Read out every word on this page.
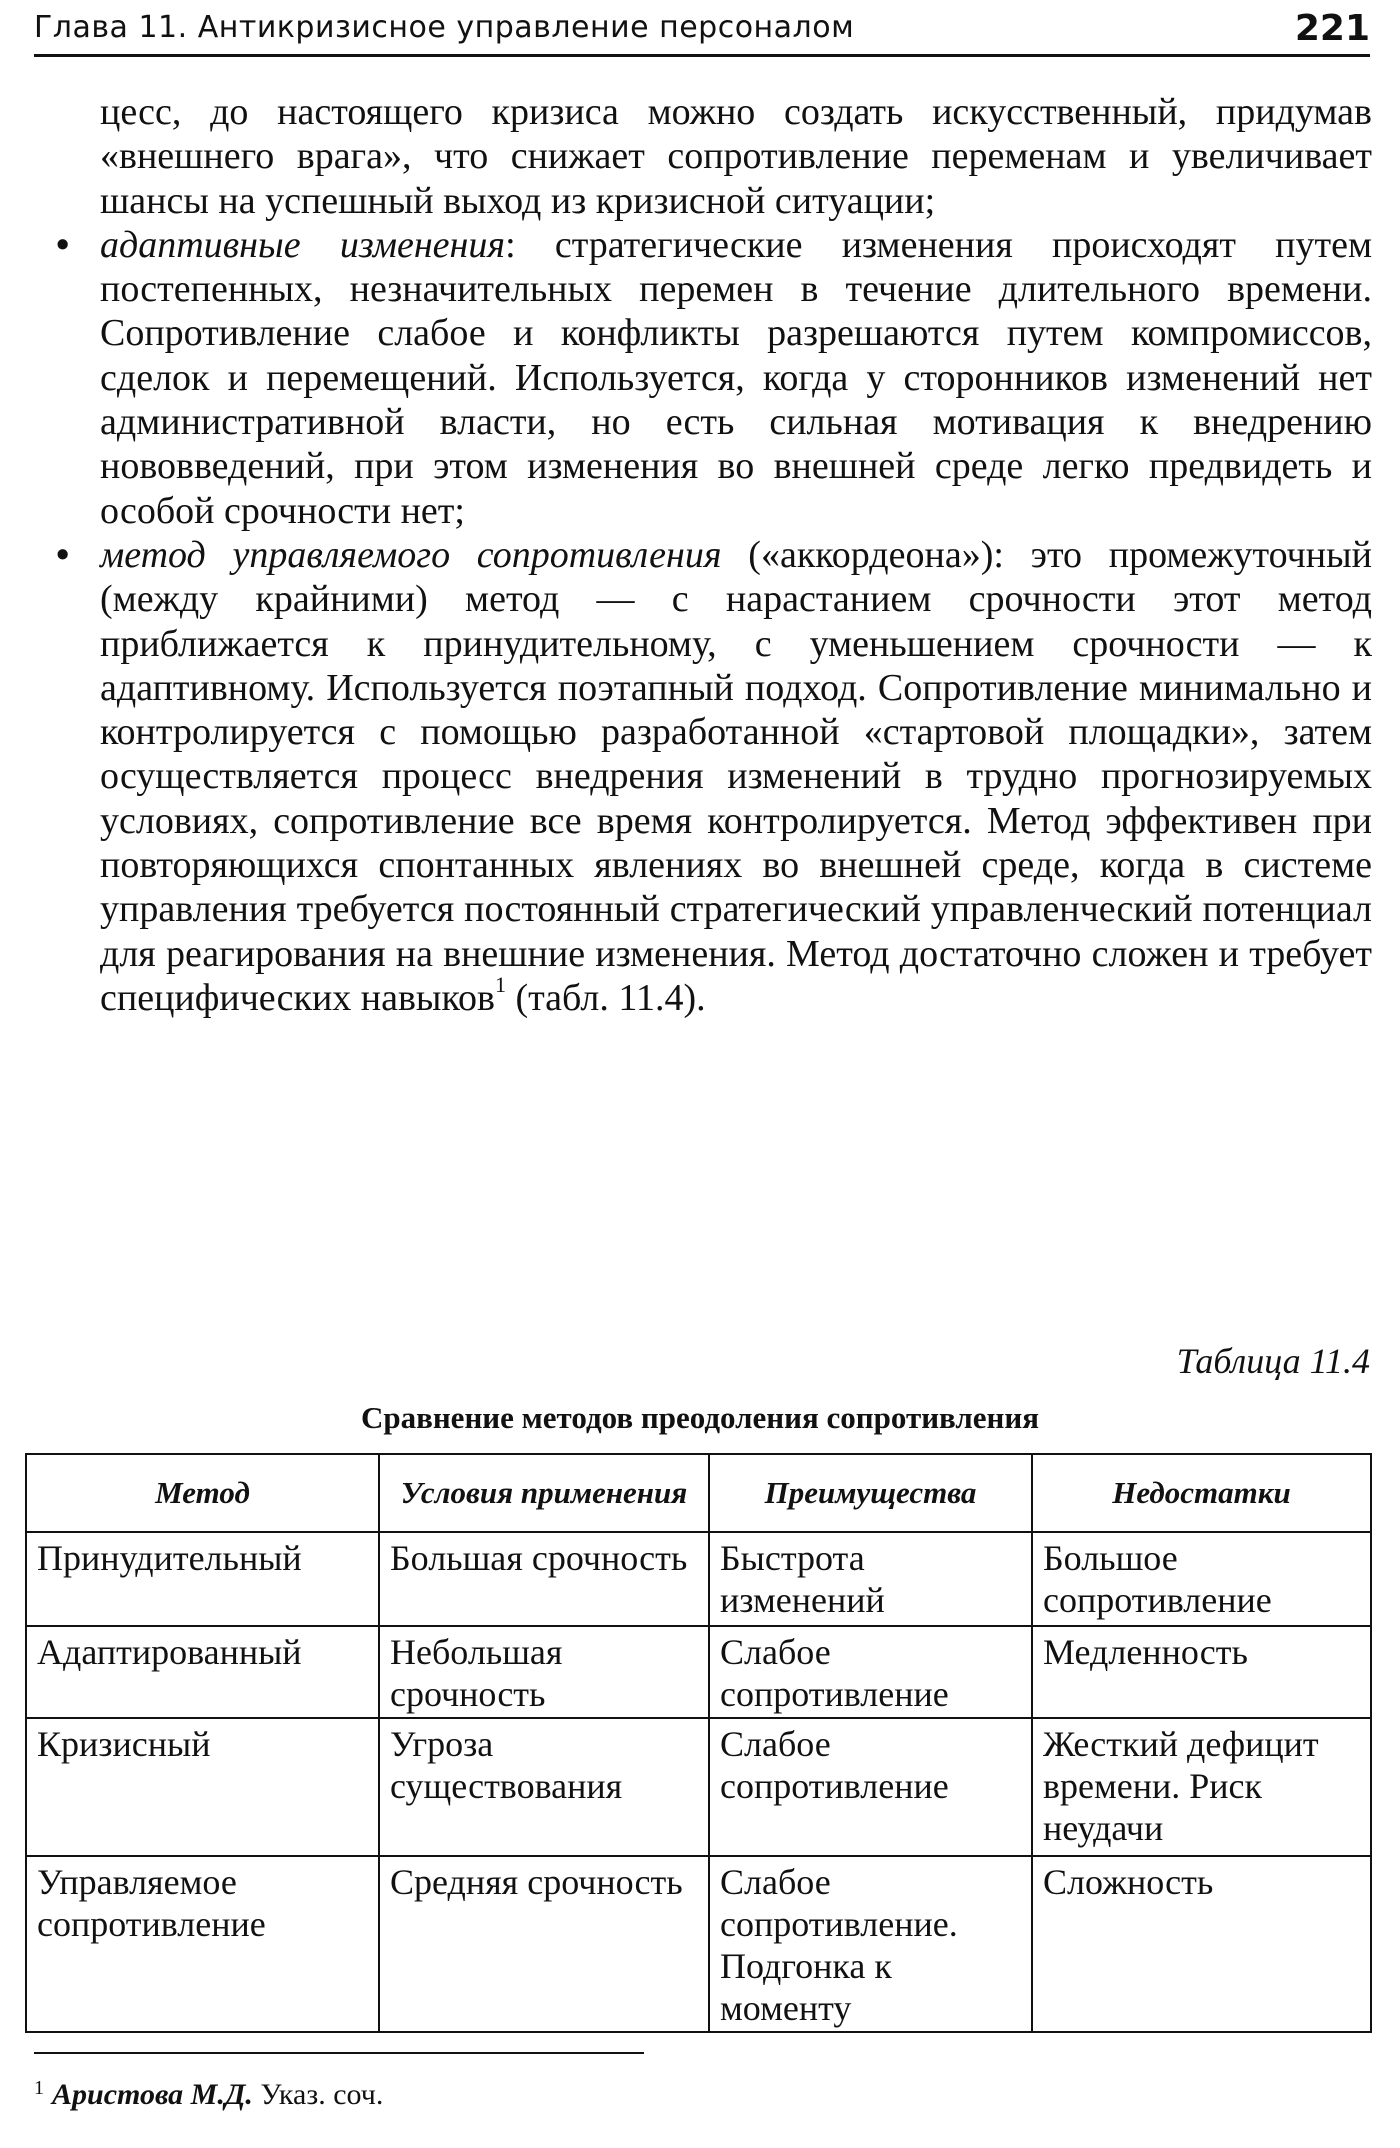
Глава 11. Антикризисное управление персоналом	221

цесс, до настоящего кризиса можно создать искусственный, придумав «внешнего врага», что снижает сопротивление переменам и увеличивает шансы на успешный выход из кризисной ситуации;

• адаптивные изменения: стратегические изменения происходят путем постепенных, незначительных перемен в течение длительного времени. Сопротивление слабое и конфликты разрешаются путем компромиссов, сделок и перемещений. Используется, когда у сторонников изменений нет административной власти, но есть сильная мотивация к внедрению нововведений, при этом изменения во внешней среде легко предвидеть и особой срочности нет;

• метод управляемого сопротивления («аккордеона»): это промежуточный (между крайними) метод — с нарастанием срочности этот метод приближается к принудительному, с уменьшением срочности — к адаптивному. Используется поэтапный подход. Сопротивление минимально и контролируется с помощью разработанной «стартовой площадки», затем осуществляется процесс внедрения изменений в трудно прогнозируемых условиях, сопротивление все время контролируется. Метод эффективен при повторяющихся спонтанных явлениях во внешней среде, когда в системе управления требуется постоянный стратегический управленческий потенциал для реагирования на внешние изменения. Метод достаточно сложен и требует специфических навыков$^1$ (табл. 11.4).

Таблица 11.4
Сравнение методов преодоления сопротивления
Метод	Условия применения	Преимущества	Недостатки
Принудительный	Большая срочность	Быстрота изменений	Большое сопротивление
Адаптированный	Небольшая срочность	Слабое сопротивление	Медленность
Кризисный	Угроза существования	Слабое сопротивление	Жесткий дефицит времени. Риск неудачи
Управляемое сопротивление	Средняя срочность	Слабое сопротивление. Подгонка к моменту	Сложность
$^1$ Аристова М.Д. Указ. соч.
